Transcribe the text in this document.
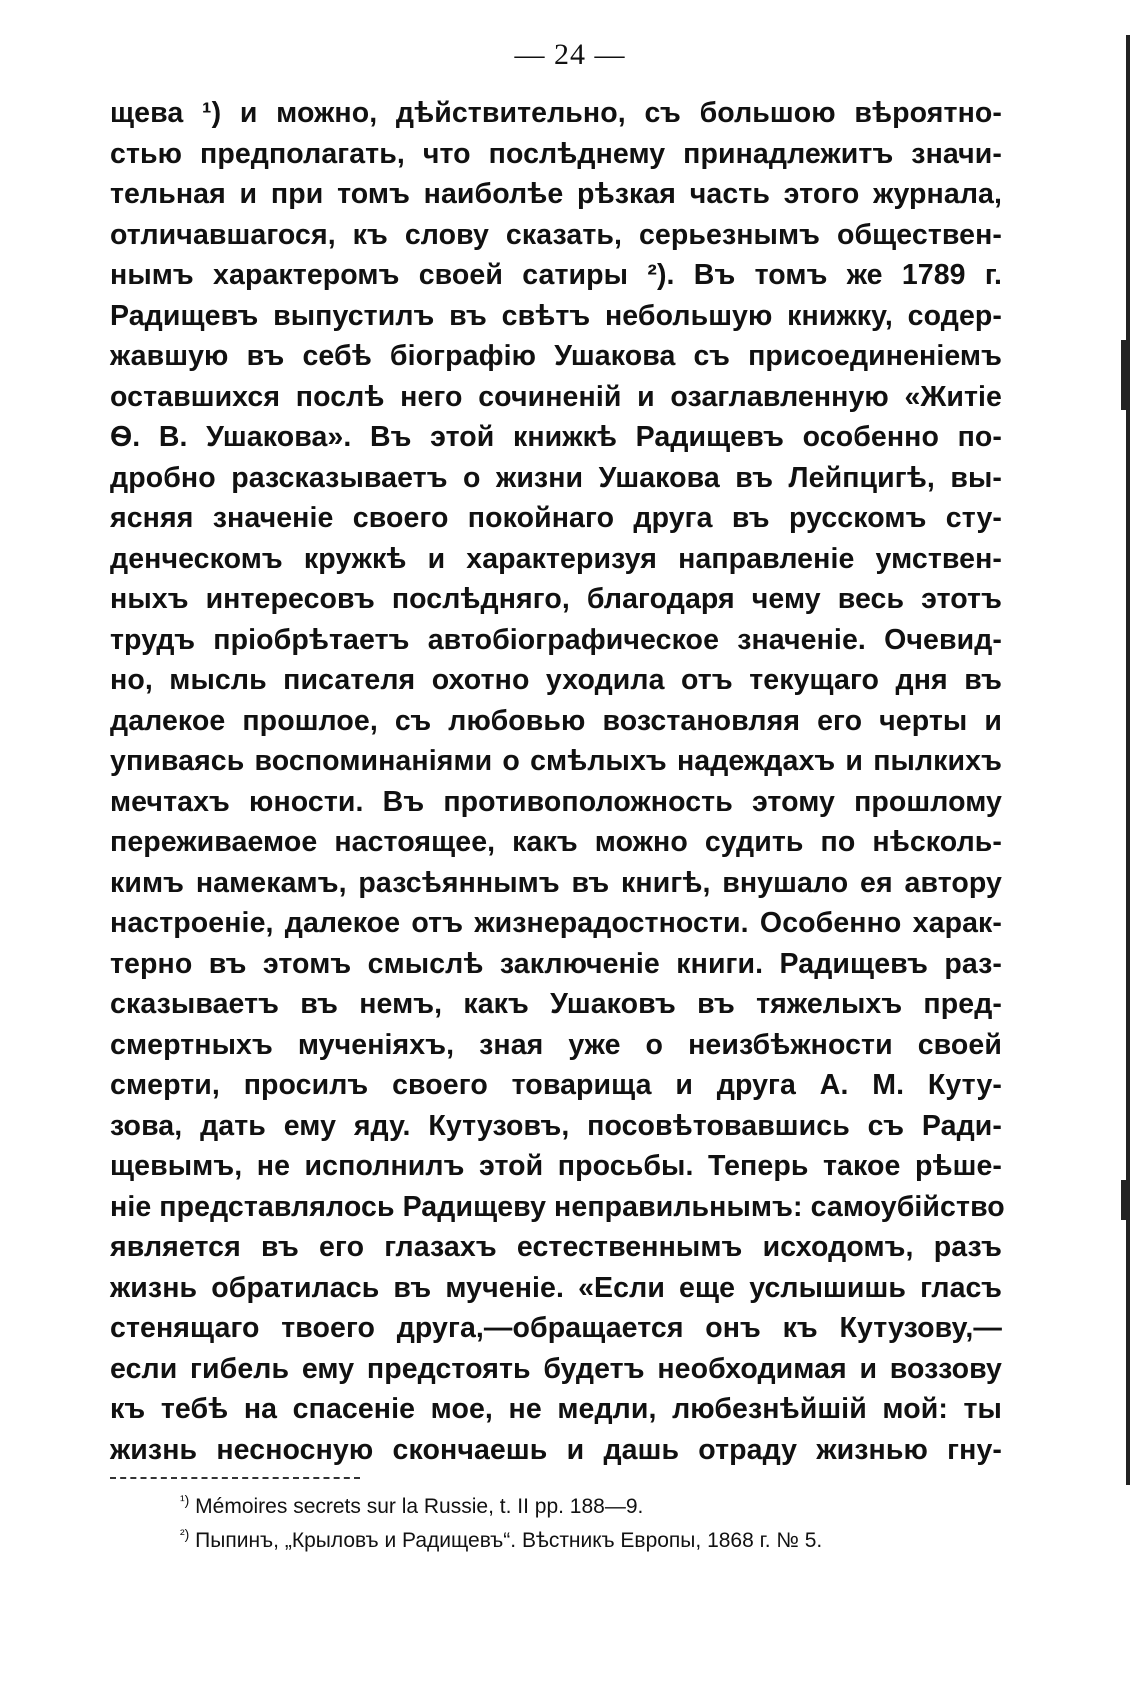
— 24 —
щева ¹) и можно, дѣйствительно, съ большою вѣроятно-
стью предполагать, что послѣднему принадлежитъ значи-
тельная и при томъ наиболѣе рѣзкая часть этого журнала,
отличавшагося, къ слову сказать, серьезнымъ обществен-
нымъ характеромъ своей сатиры ²). Въ томъ же 1789 г.
Радищевъ выпустилъ въ свѣтъ небольшую книжку, содер-
жавшую въ себѣ біографію Ушакова съ присоединеніемъ
оставшихся послѣ него сочиненій и озаглавленную «Житіе
Ѳ. В. Ушакова». Въ этой книжкѣ Радищевъ особенно по-
дробно разсказываетъ о жизни Ушакова въ Лейпцигѣ, вы-
ясняя значеніе своего покойнаго друга въ русскомъ сту-
денческомъ кружкѣ и характеризуя направленіе умствен-
ныхъ интересовъ послѣдняго, благодаря чему весь этотъ
трудъ пріобрѣтаетъ автобіографическое значеніе. Очевид-
но, мысль писателя охотно уходила отъ текущаго дня въ
далекое прошлое, съ любовью возстановляя его черты и
упиваясь воспоминаніями о смѣлыхъ надеждахъ и пылкихъ
мечтахъ юности. Въ противоположность этому прошлому
переживаемое настоящее, какъ можно судить по нѣсколь-
кимъ намекамъ, разсѣяннымъ въ книгѣ, внушало ея автору
настроеніе, далекое отъ жизнерадостности. Особенно харак-
терно въ этомъ смыслѣ заключеніе книги. Радищевъ раз-
сказываетъ въ немъ, какъ Ушаковъ въ тяжелыхъ пред-
смертныхъ мученіяхъ, зная уже о неизбѣжности своей
смерти, просилъ своего товарища и друга А. М. Куту-
зова, дать ему яду. Кутузовъ, посовѣтовавшись съ Ради-
щевымъ, не исполнилъ этой просьбы. Теперь такое рѣше-
ніе представлялось Радищеву неправильнымъ: самоубійство
является въ его глазахъ естественнымъ исходомъ, разъ
жизнь обратилась въ мученіе. «Если еще услышишь гласъ
стенящаго твоего друга,—обращается онъ къ Кутузову,—
если гибель ему предстоять будетъ необходимая и воззову
къ тебѣ на спасеніе мое, не медли, любезнѣйшій мой: ты
жизнь несносную скончаешь и дашь отраду жизнью гну-
$^{^1)}$ Mémoires secrets sur la Russie, t. II pp. 188—9.
$^{^2)}$ Пыпинъ, „Крыловъ и Радищевъ“. Вѣстникъ Европы, 1868 г. № 5.
